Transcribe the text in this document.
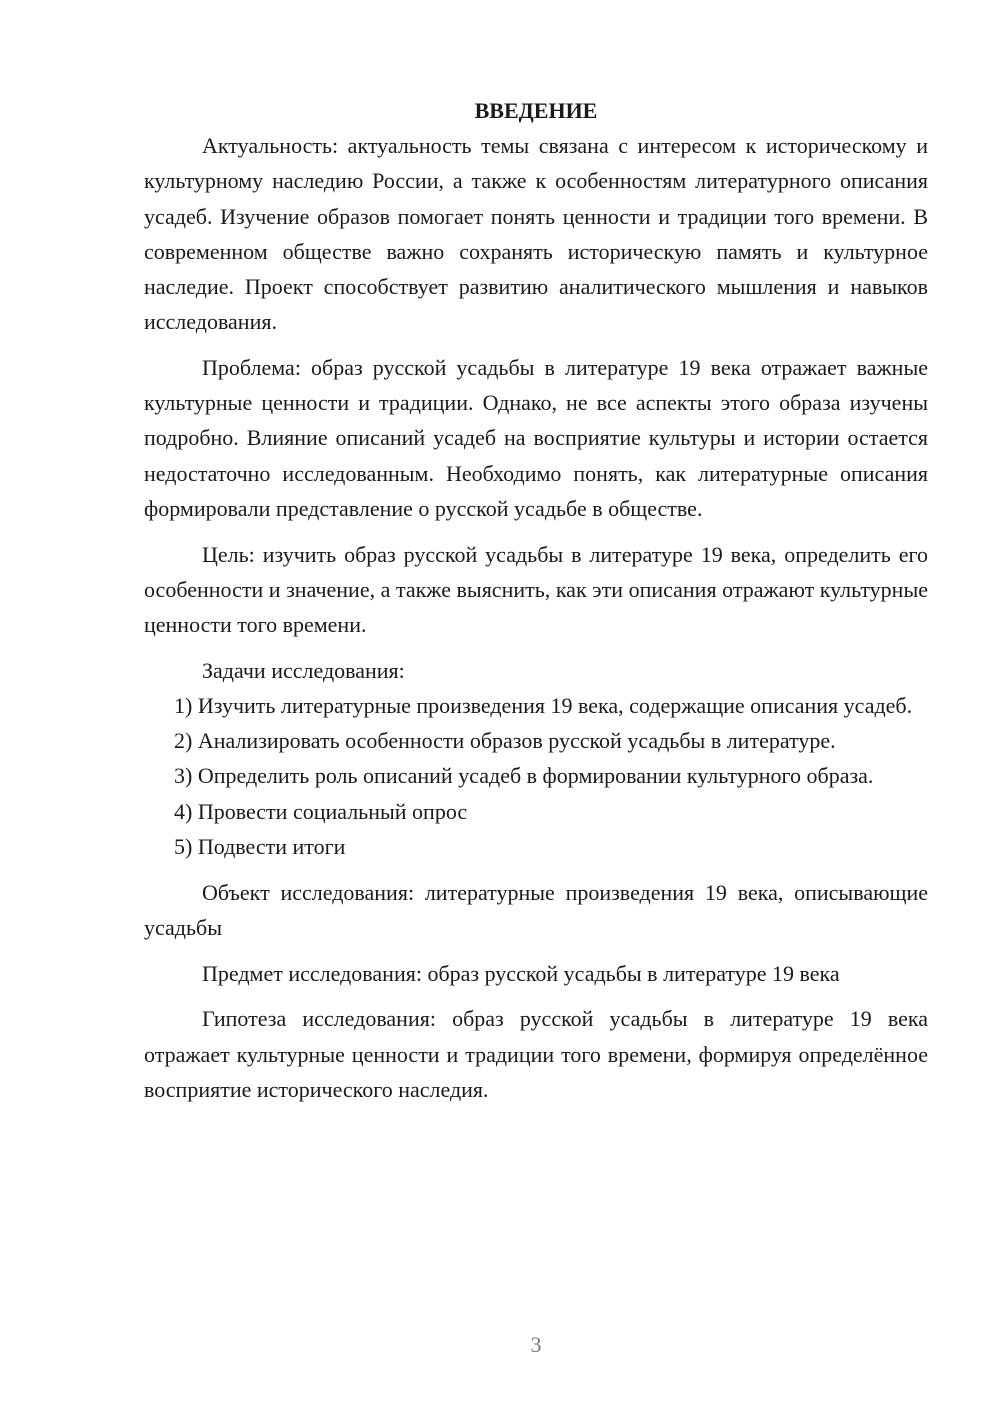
ВВЕДЕНИЕ

Актуальность: актуальность темы связана с интересом к историческому и культурному наследию России, а также к особенностям литературного описания усадеб. Изучение образов помогает понять ценности и традиции того времени. В современном обществе важно сохранять историческую память и культурное наследие. Проект способствует развитию аналитического мышления и навыков исследования.

Проблема: образ русской усадьбы в литературе 19 века отражает важные культурные ценности и традиции. Однако, не все аспекты этого образа изучены подробно. Влияние описаний усадеб на восприятие культуры и истории остается недостаточно исследованным. Необходимо понять, как литературные описания формировали представление о русской усадьбе в обществе.

Цель: изучить образ русской усадьбы в литературе 19 века, определить его особенности и значение, а также выяснить, как эти описания отражают культурные ценности того времени.

Задачи исследования:

1) Изучить литературные произведения 19 века, содержащие описания усадеб.

2) Анализировать особенности образов русской усадьбы в литературе.

3) Определить роль описаний усадеб в формировании культурного образа.

4) Провести социальный опрос

5) Подвести итоги

Объект исследования: литературные произведения 19 века, описывающие усадьбы

Предмет исследования: образ русской усадьбы в литературе 19 века

Гипотеза исследования: образ русской усадьбы в литературе 19 века отражает культурные ценности и традиции того времени, формируя определённое восприятие исторического наследия.

3
